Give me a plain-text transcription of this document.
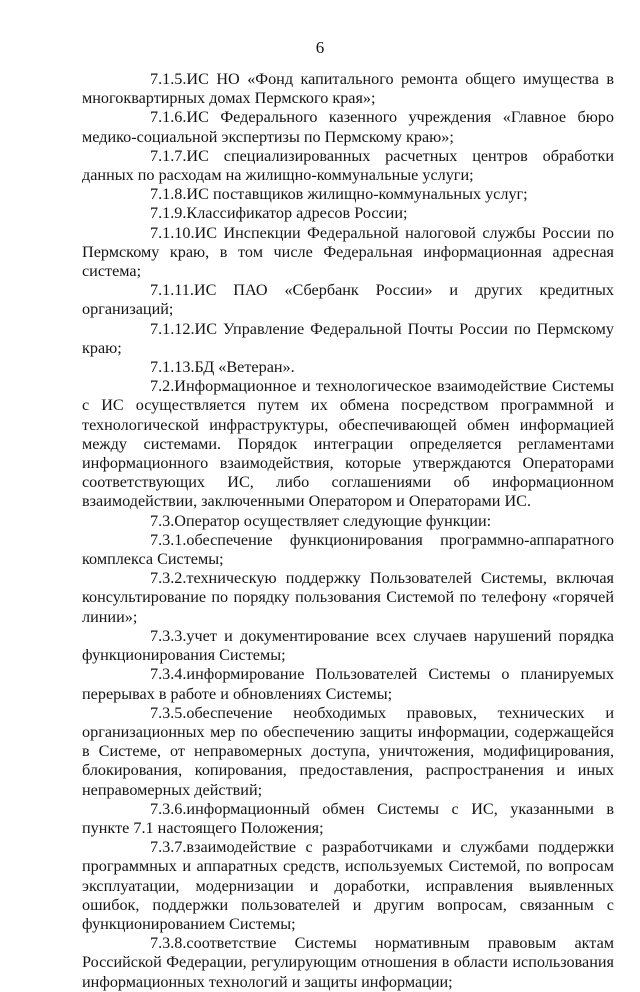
6

7.1.5.ИС НО «Фонд капитального ремонта общего имущества в многоквартирных домах Пермского края»;

7.1.6.ИС Федерального казенного учреждения «Главное бюро медико-социальной экспертизы по Пермскому краю»;

7.1.7.ИС специализированных расчетных центров обработки данных по расходам на жилищно-коммунальные услуги;

7.1.8.ИС поставщиков жилищно-коммунальных услуг;

7.1.9.Классификатор адресов России;

7.1.10.ИС Инспекции Федеральной налоговой службы России по Пермскому краю, в том числе Федеральная информационная адресная система;

7.1.11.ИС ПАО «Сбербанк России» и других кредитных организаций;

7.1.12.ИС Управление Федеральной Почты России по Пермскому краю;

7.1.13.БД «Ветеран».

7.2.Информационное и технологическое взаимодействие Системы с ИС осуществляется путем их обмена посредством программной и технологической инфраструктуры, обеспечивающей обмен информацией между системами. Порядок интеграции определяется регламентами информационного взаимодействия, которые утверждаются Операторами соответствующих ИС, либо соглашениями об информационном взаимодействии, заключенными Оператором и Операторами ИС.

7.3.Оператор осуществляет следующие функции:

7.3.1.обеспечение функционирования программно-аппаратного комплекса Системы;

7.3.2.техническую поддержку Пользователей Системы, включая консультирование по порядку пользования Системой по телефону «горячей линии»;

7.3.3.учет и документирование всех случаев нарушений порядка функционирования Системы;

7.3.4.информирование Пользователей Системы о планируемых перерывах в работе и обновлениях Системы;

7.3.5.обеспечение необходимых правовых, технических и организационных мер по обеспечению защиты информации, содержащейся в Системе, от неправомерных доступа, уничтожения, модифицирования, блокирования, копирования, предоставления, распространения и иных неправомерных действий;

7.3.6.информационный обмен Системы с ИС, указанными в пункте 7.1 настоящего Положения;

7.3.7.взаимодействие с разработчиками и службами поддержки программных и аппаратных средств, используемых Системой, по вопросам эксплуатации, модернизации и доработки, исправления выявленных ошибок, поддержки пользователей и другим вопросам, связанным с функционированием Системы;

7.3.8.соответствие Системы нормативным правовым актам Российской Федерации, регулирующим отношения в области использования информационных технологий и защиты информации;
